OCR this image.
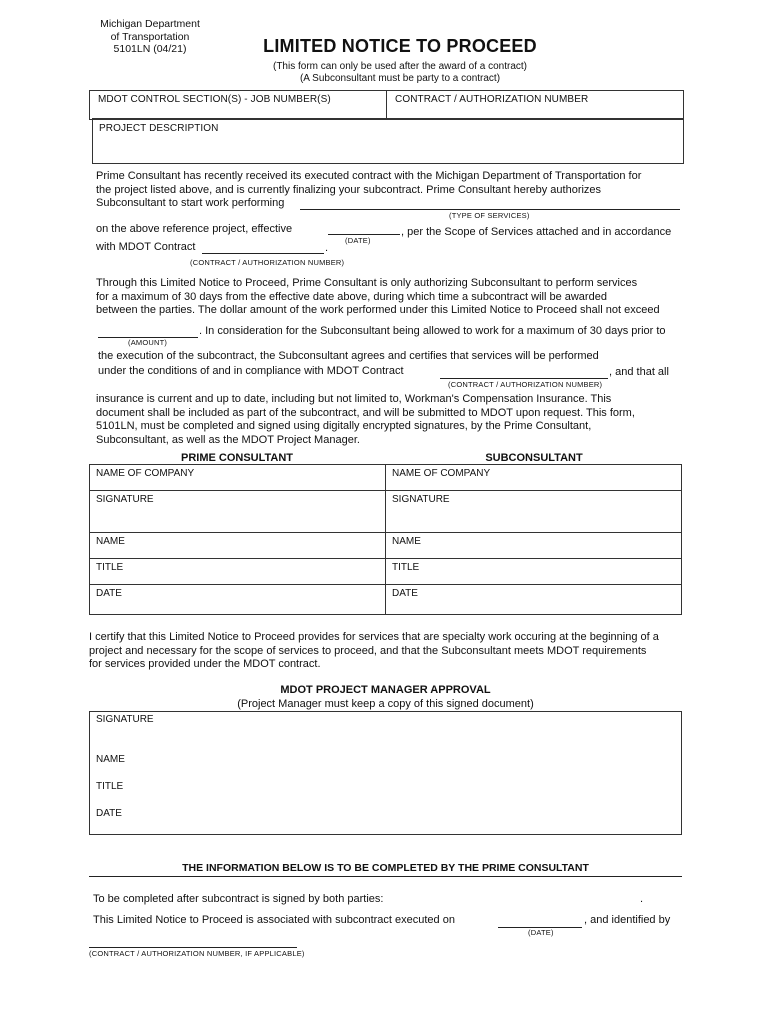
Michigan Department
of Transportation
5101LN (04/21)	LIMITED NOTICE TO PROCEED
(This form can only be used after the award of a contract)
(A Subconsultant must be party to a contract)
MDOT CONTROL SECTION(S) - JOB NUMBER(S)	CONTRACT / AUTHORIZATION NUMBER
PROJECT DESCRIPTION
Prime Consultant has recently received its executed contract with the Michigan Department of Transportation for
the project listed above, and is currently finalizing your subcontract. Prime Consultant hereby authorizes
Subconsultant to start work performing
(TYPE OF SERVICES)
on the above reference project, effective	, per the Scope of Services attached and in accordance
(DATE)
with MDOT Contract	.
(CONTRACT / AUTHORIZATION NUMBER)
Through this Limited Notice to Proceed, Prime Consultant is only authorizing Subconsultant to perform services
for a maximum of 30 days from the effective date above, during which time a subcontract will be awarded
between the parties. The dollar amount of the work performed under this Limited Notice to Proceed shall not exceed
. In consideration for the Subconsultant being allowed to work for a maximum of 30 days prior to
(AMOUNT)
the execution of the subcontract, the Subconsultant agrees and certifies that services will be performed
under the conditions of and in compliance with MDOT Contract	, and that all
(CONTRACT / AUTHORIZATION NUMBER)
insurance is current and up to date, including but not limited to, Workman's Compensation Insurance. This
document shall be included as part of the subcontract, and will be submitted to MDOT upon request. This form,
5101LN, must be completed and signed using digitally encrypted signatures, by the Prime Consultant,
Subconsultant, as well as the MDOT Project Manager.
PRIME CONSULTANT	SUBCONSULTANT
NAME OF COMPANY	NAME OF COMPANY
SIGNATURE	SIGNATURE
NAME	NAME
TITLE	TITLE
DATE	DATE
I certify that this Limited Notice to Proceed provides for services that are specialty work occuring at the beginning of a
project and necessary for the scope of services to proceed, and that the Subconsultant meets MDOT requirements
for services provided under the MDOT contract.
MDOT PROJECT MANAGER APPROVAL
(Project Manager must keep a copy of this signed document)
SIGNATURE
NAME
TITLE
DATE
THE INFORMATION BELOW IS TO BE COMPLETED BY THE PRIME CONSULTANT
To be completed after subcontract is signed by both parties:	.
This Limited Notice to Proceed is associated with subcontract executed on	, and identified by
(DATE)
(CONTRACT / AUTHORIZATION NUMBER, IF APPLICABLE)
